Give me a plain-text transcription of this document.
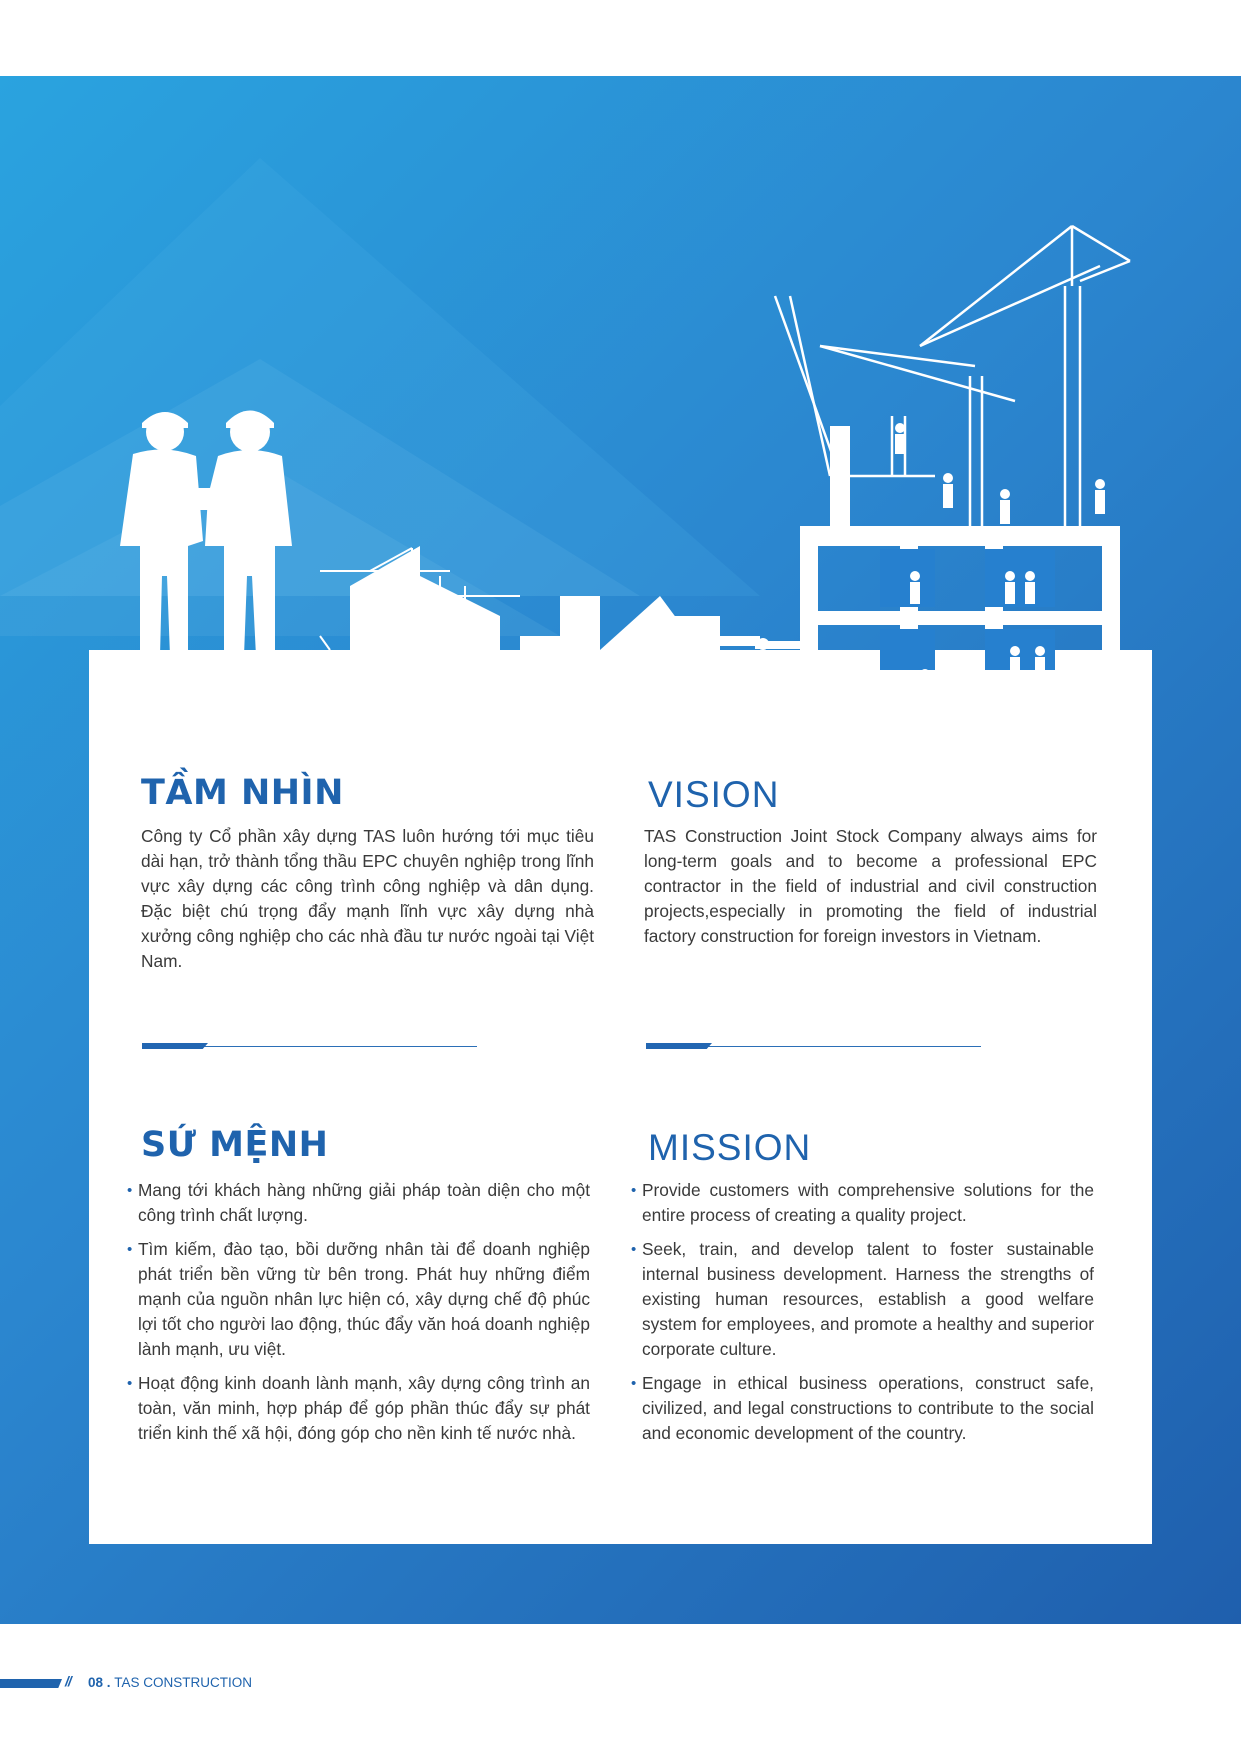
TẦM NHÌN

Công ty Cổ phần xây dựng TAS luôn hướng tới mục tiêu dài hạn, trở thành tổng thầu EPC chuyên nghiệp trong lĩnh vực xây dựng các công trình công nghiệp và dân dụng. Đặc biệt chú trọng đẩy mạnh lĩnh vực xây dựng nhà xưởng công nghiệp cho các nhà đầu tư nước ngoài tại Việt Nam.

VISION

TAS Construction Joint Stock Company always aims for long-term goals and to become a professional EPC contractor in the field of industrial and civil construction projects,especially in promoting the field of industrial factory construction for foreign investors in Vietnam.

SỨ MỆNH
• Mang tới khách hàng những giải pháp toàn diện cho một công trình chất lượng.
• Tìm kiếm, đào tạo, bồi dưỡng nhân tài để doanh nghiệp phát triển bền vững từ bên trong. Phát huy những điểm mạnh của nguồn nhân lực hiện có, xây dựng chế độ phúc lợi tốt cho người lao động, thúc đẩy văn hoá doanh nghiệp lành mạnh, ưu việt.
• Hoạt động kinh doanh lành mạnh, xây dựng công trình an toàn, văn minh, hợp pháp để góp phần thúc đẩy sự phát triển kinh thế xã hội, đóng góp cho nền kinh tế nước nhà.
MISSION
• Provide customers with comprehensive solutions for the entire process of creating a quality project.
• Seek, train, and develop talent to foster sustainable internal business development. Harness the strengths of existing human resources, establish a good welfare system for employees, and promote a healthy and superior corporate culture.
• Engage in ethical business operations, construct safe, civilized, and legal constructions to contribute to the social and economic development of the country.
// 08 . TAS CONSTRUCTION
